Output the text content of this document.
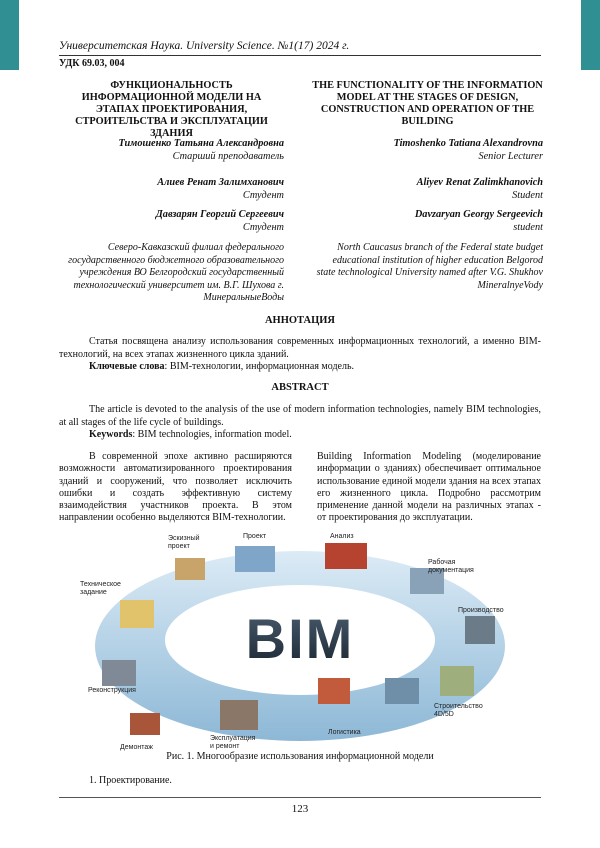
Университетская Наука. University Science. №1(17) 2024 г.
УДК 69.03, 004
ФУНКЦИОНАЛЬНОСТЬ ИНФОРМАЦИОННОЙ МОДЕЛИ НА ЭТАПАХ ПРОЕКТИРОВАНИЯ, СТРОИТЕЛЬСТВА И ЭКСПЛУАТАЦИИ ЗДАНИЯ
Тимошенко Татьяна Александровна
Старший преподаватель
Алиев Ренат Залимханович
Студент
Давзарян Георгий Сергеевич
Студент
Северо-Кавказский филиал федерального государственного бюджетного образовательного учреждения ВО Белгородский государственный технологический университет им. В.Г. Шухова г. МинеральныеВоды
THE FUNCTIONALITY OF THE INFORMATION MODEL AT THE STAGES OF DESIGN, CONSTRUCTION AND OPERATION OF THE BUILDING
Timoshenko Tatiana Alexandrovna
Senior Lecturer
Aliyev Renat Zalimkhanovich
Student
Davzaryan Georgy Sergeevich
student
North Caucasus branch of the Federal state budget educational institution of higher education Belgorod state technological University named after V.G. Shukhov MineralnyeVody
АННОТАЦИЯ
Статья посвящена анализу использования современных информационных технологий, а именно BIM-технологий, на всех этапах жизненного цикла зданий.
Ключевые слова: BIM-технологии, информационная модель.
ABSTRACT
The article is devoted to the analysis of the use of modern information technologies, namely BIM technologies, at all stages of the life cycle of buildings.
Keywords: BIM technologies, information model.
В современной эпохе активно расширяются возможности автоматизированного проектирования зданий и сооружений, что позволяет исключить ошибки и создать эффективную систему взаимодействия участников проекта. В этом направлении особенно выделяются BIM-технологии.
Building Information Modeling (моделирование информации о зданиях) обеспечивает оптимальное использование единой модели здания на всех этапах его жизненного цикла. Подробно рассмотрим применение данной модели на различных этапах - от проектирования до эксплуатации.
BIM
Эскизный проект
Проект	Анализ
Рабочая документация
Техническое задание
Производство
Реконструкция
Строительство 4D/5D
Демонтаж
Эксплуатация и ремонт
Логистика
Рис. 1. Многообразие использования информационной модели
1. Проектирование.
123
